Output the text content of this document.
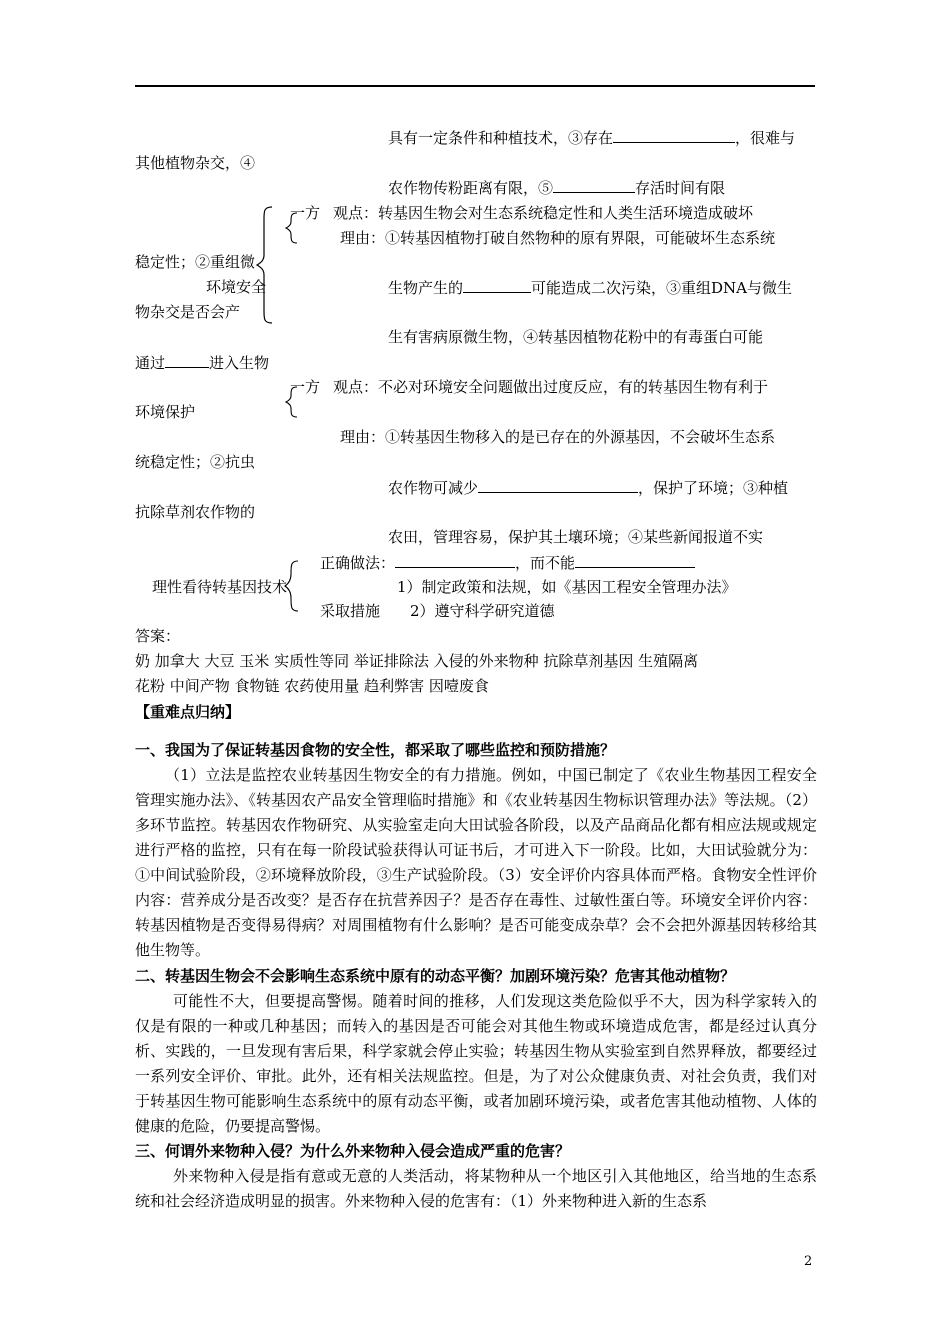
具有一定条件和种植技术，③存在	，很难与
其他植物杂交，④
农作物传粉距离有限，⑤	存活时间有限
一方 观点：转基因生物会对生态系统稳定性和人类生活环境造成破坏
理由：①转基因植物打破自然物种的原有界限，可能破坏生态系统
稳定性；②重组微
环境安全	生物产生的	可能造成二次污染，③重组DNA与微生
物杂交是否会产
生有害病原微生物，④转基因植物花粉中的有毒蛋白可能
通过	进入生物
一方 观点：不必对环境安全问题做出过度反应，有的转基因生物有利于
环境保护
理由：①转基因生物移入的是已存在的外源基因，不会破坏生态系
统稳定性；②抗虫
农作物可减少	，保护了环境；③种植
抗除草剂农作物的
农田，管理容易，保护其土壤环境；④某些新闻报道不实
正确做法：	，而不能
理性看待转基因技术	1）制定政策和法规，如《基因工程安全管理办法》
采取措施 2）遵守科学研究道德
答案：
奶 加拿大 大豆 玉米 实质性等同 举证排除法 入侵的外来物种 抗除草剂基因 生殖隔离
花粉 中间产物 食物链 农药使用量 趋利弊害 因噎废食
【重难点归纳】
一、我国为了保证转基因食物的安全性，都采取了哪些监控和预防措施？
（1）立法是监控农业转基因生物安全的有力措施。例如，中国已制定了《农业生物基因工程安全管理实施办法》、《转基因农产品安全管理临时措施》和《农业转基因生物标识管理办法》等法规。（2）多环节监控。转基因农作物研究、从实验室走向大田试验各阶段，以及产品商品化都有相应法规或规定进行严格的监控，只有在每一阶段试验获得认可证书后，才可进入下一阶段。比如，大田试验就分为：①中间试验阶段，②环境释放阶段，③生产试验阶段。（3）安全评价内容具体而严格。食物安全性评价内容：营养成分是否改变？是否存在抗营养因子？是否存在毒性、过敏性蛋白等。环境安全评价内容：转基因植物是否变得易得病？对周围植物有什么影响？是否可能变成杂草？会不会把外源基因转移给其他生物等。
二、转基因生物会不会影响生态系统中原有的动态平衡？加剧环境污染？危害其他动植物？
可能性不大，但要提高警惕。随着时间的推移，人们发现这类危险似乎不大，因为科学家转入的仅是有限的一种或几种基因；而转入的基因是否可能会对其他生物或环境造成危害，都是经过认真分析、实践的，一旦发现有害后果，科学家就会停止实验；转基因生物从实验室到自然界释放，都要经过一系列安全评价、审批。此外，还有相关法规监控。但是，为了对公众健康负责、对社会负责，我们对于转基因生物可能影响生态系统中的原有动态平衡，或者加剧环境污染，或者危害其他动植物、人体的健康的危险，仍要提高警惕。
三、何谓外来物种入侵？为什么外来物种入侵会造成严重的危害？
外来物种入侵是指有意或无意的人类活动，将某物种从一个地区引入其他地区，给当地的生态系统和社会经济造成明显的损害。外来物种入侵的危害有：（1）外来物种进入新的生态系
2
